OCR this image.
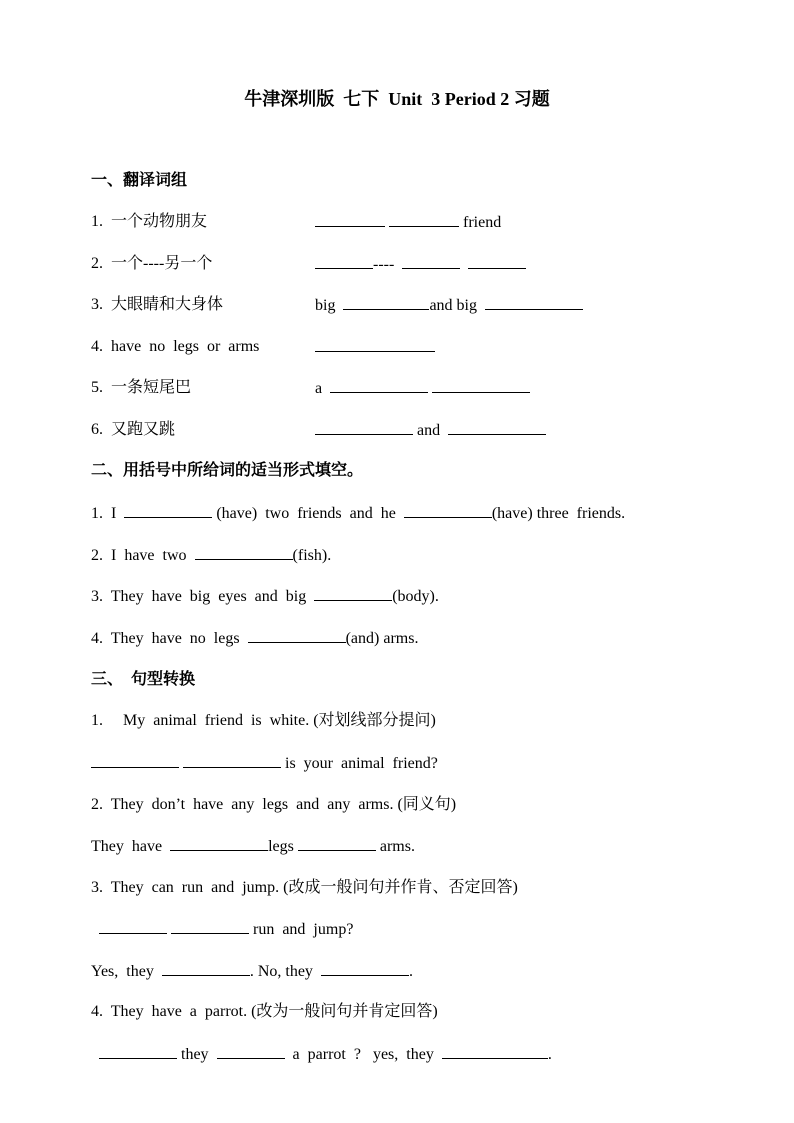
牛津深圳版  七下  Unit  3 Period 2 习题
一、翻译词组
1. 一个动物朋友	friend
2. 一个----另一个	----
3. 大眼睛和大身体	big	and big
4. have  no  legs  or  arms
5. 一条短尾巴	a
6. 又跑又跳	and
二、用括号中所给词的适当形式填空。
1. I	(have)  two  friends  and  he	(have) three  friends.
2. I  have  two	(fish).
3. They  have  big  eyes  and  big	(body).
4. They  have  no  legs	(and) arms.
三、  句型转换
1.     My  animal  friend  is  white. (对划线部分提问)
is  your  animal  friend?
2.  They  don’t  have  any  legs  and  any  arms. (同义句)
They  have	legs	arms.
3.  They  can  run  and  jump. (改成一般问句并作肯、否定回答)
run  and  jump?
Yes,  they	. No, they	.
4.  They  have  a  parrot. (改为一般问句并肯定回答)
they	a  parrot  ?   yes,  they	.
